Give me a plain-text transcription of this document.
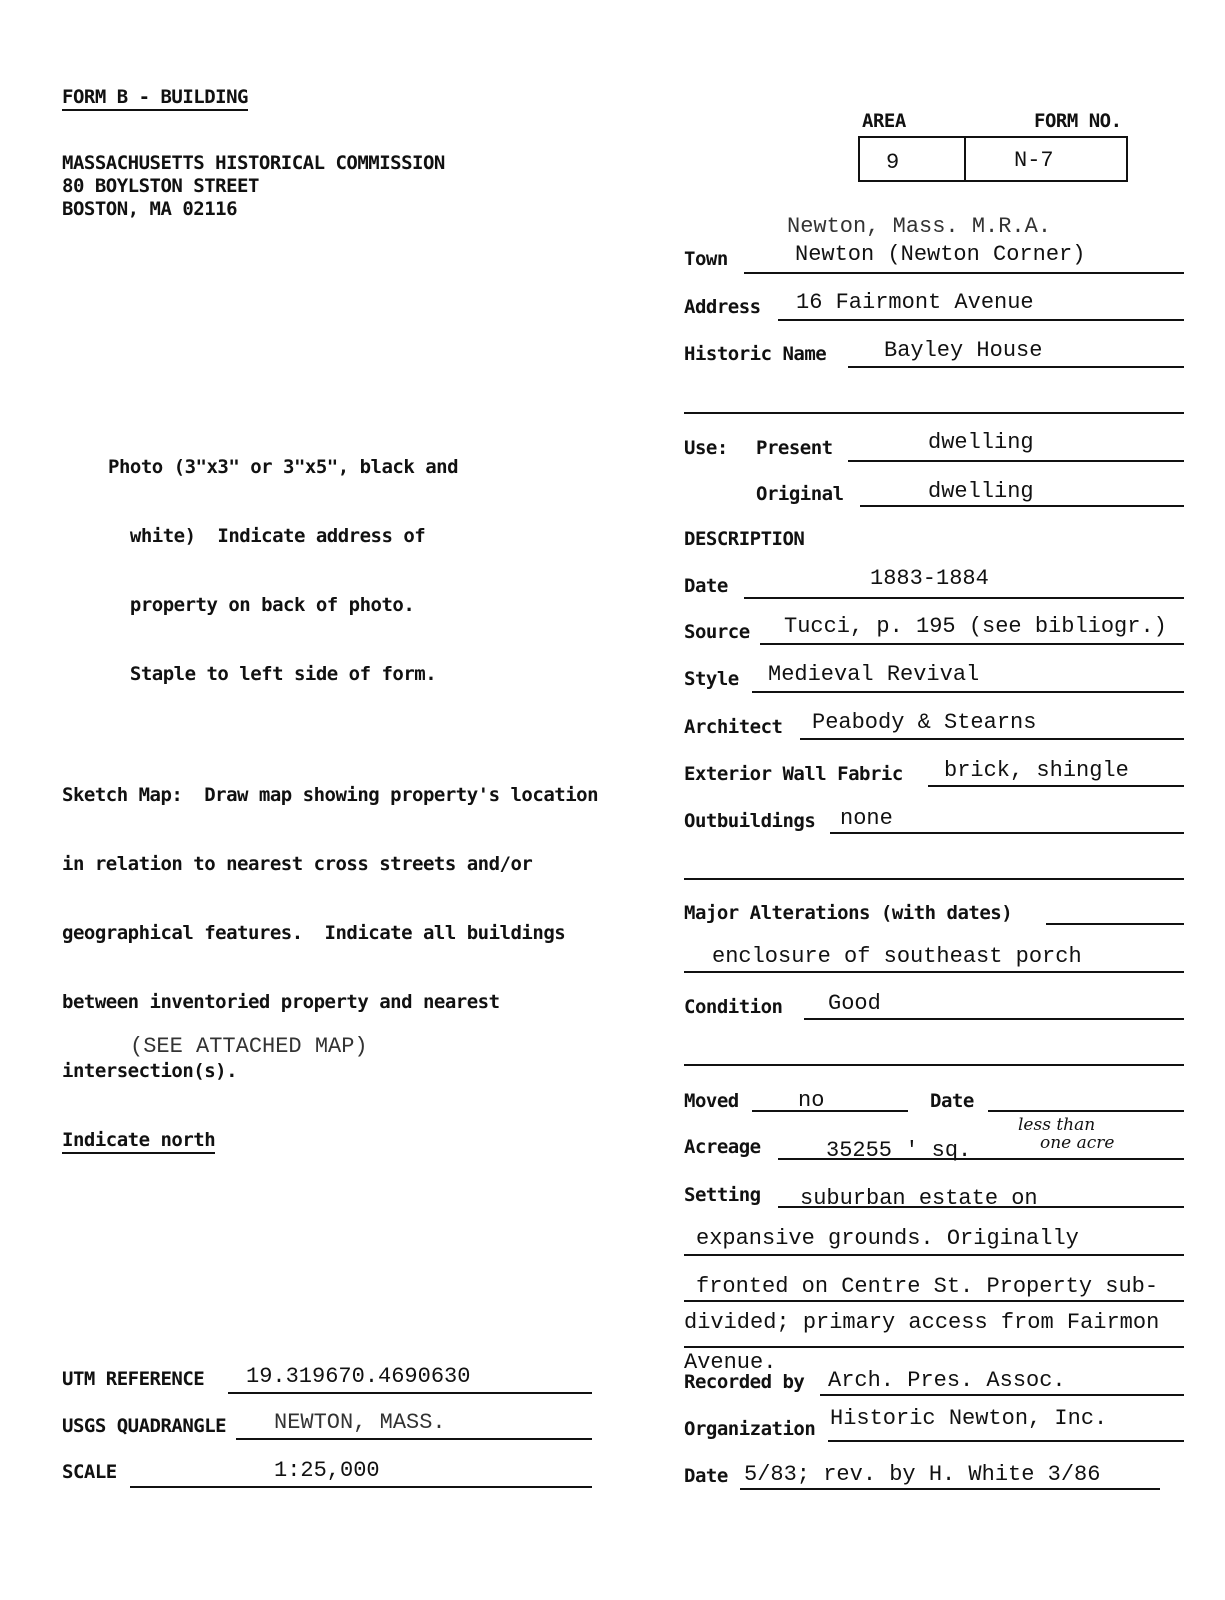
FORM B - BUILDING
MASSACHUSETTS HISTORICAL COMMISSION
80 BOYLSTON STREET
BOSTON, MA 02116
AREA	FORM NO.
9	N-7

Photo (3"x3" or 3"x5", black and

white)  Indicate address of

property on back of photo.

Staple to left side of form.

Sketch Map:  Draw map showing property's location

in relation to nearest cross streets and/or

geographical features.  Indicate all buildings

between inventoried property and nearest

intersection(s).

Indicate north

(SEE ATTACHED MAP)
UTM REFERENCE 19.319670.4690630
USGS QUADRANGLE NEWTON, MASS.
SCALE	1:25,000
Newton, Mass. M.R.A.
Town	Newton (Newton Corner)
Address 16 Fairmont Avenue
Historic Name	Bayley House
Use: Present	dwelling
Original	dwelling
DESCRIPTION
Date	1883-1884
Source Tucci, p. 195 (see bibliogr.)
Style Medieval Revival
Architect Peabody & Stearns
Exterior Wall Fabric brick, shingle
Outbuildings none
Major Alterations (with dates)
enclosure of southeast porch
Condition Good
Moved	no	Date
Acreage	35255 ' sq.
less than
one acre
Setting suburban estate on
expansive grounds. Originally
fronted on Centre St. Property sub-
divided; primary access from Fairmon
Avenue.
Recorded by Arch. Pres. Assoc.
Organization Historic Newton, Inc.
Date 5/83; rev. by H. White 3/86
